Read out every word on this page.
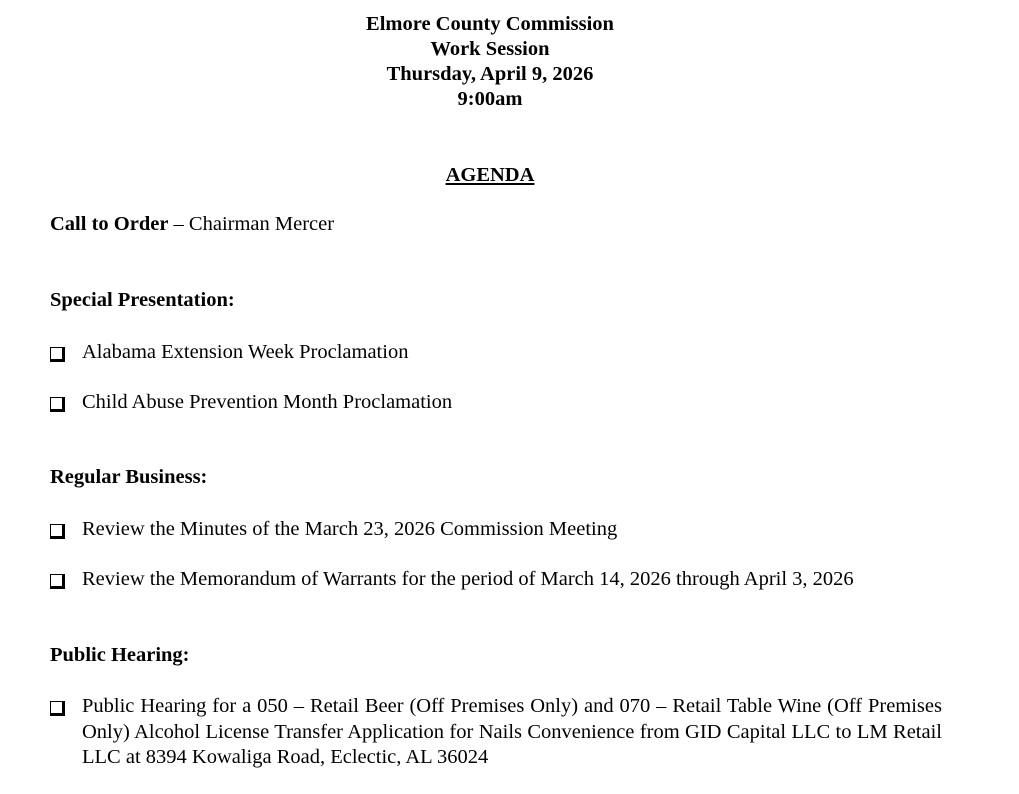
Elmore County Commission
Work Session
Thursday, April 9, 2026
9:00am
AGENDA
Call to Order – Chairman Mercer
Special Presentation:
Alabama Extension Week Proclamation
Child Abuse Prevention Month Proclamation
Regular Business:
Review the Minutes of the March 23, 2026 Commission Meeting
Review the Memorandum of Warrants for the period of March 14, 2026 through April 3, 2026
Public Hearing:
Public Hearing for a 050 – Retail Beer (Off Premises Only) and 070 – Retail Table Wine (Off Premises Only) Alcohol License Transfer Application for Nails Convenience from GID Capital LLC to LM Retail LLC at 8394 Kowaliga Road, Eclectic, AL 36024
